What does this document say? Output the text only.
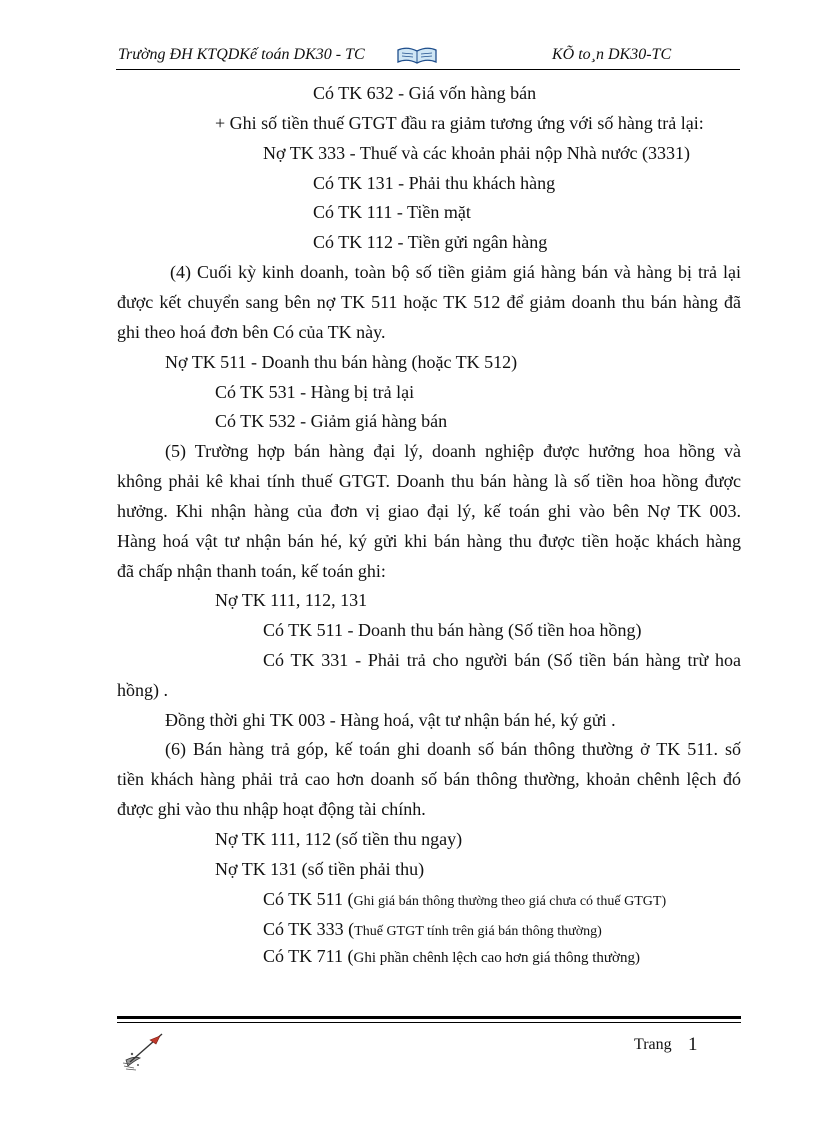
Trường ĐH KTQDKế toán DK30 - TC	KÕ to¸n DK30-TC
Có TK 632 - Giá vốn hàng bán
+ Ghi số tiền thuế GTGT đầu ra giảm tương ứng với số hàng trả lại:
Nợ TK 333 - Thuế và các khoản phải nộp Nhà nước (3331)
Có TK 131 - Phải thu khách hàng
Có TK 111 - Tiền mặt
Có TK 112 - Tiền gửi ngân hàng
(4) Cuối kỳ kinh doanh, toàn bộ số tiền giảm giá hàng bán và hàng bị trả lại
được kết chuyển sang bên nợ TK 511 hoặc TK 512 để giảm doanh thu bán hàng đã
ghi theo hoá đơn bên Có của TK này.
Nợ TK 511 - Doanh thu bán hàng (hoặc TK 512)
Có TK 531 - Hàng bị trả lại
Có TK 532 - Giảm giá hàng bán
(5) Trường hợp bán hàng đại lý, doanh nghiệp được hưởng hoa hồng và
không phải kê khai tính thuế GTGT. Doanh thu bán hàng là số tiền hoa hồng được
hưởng. Khi nhận hàng của đơn vị giao đại lý, kế toán ghi vào bên Nợ TK 003.
Hàng hoá vật tư nhận bán hé, ký gửi khi bán hàng thu được tiền hoặc khách hàng
đã chấp nhận thanh toán, kế toán ghi:
Nợ TK 111, 112, 131
Có TK 511 - Doanh thu bán hàng (Số tiền hoa hồng)
Có TK 331 - Phải trả cho người bán (Số tiền bán hàng trừ hoa
hồng) .
Đồng thời ghi TK 003 - Hàng hoá, vật tư nhận bán hé, ký gửi .
(6) Bán hàng trả góp, kế toán ghi doanh số bán thông thường ở TK 511. số
tiền khách hàng phải trả cao hơn doanh số bán thông thường, khoản chênh lệch đó
được ghi vào thu nhập hoạt động tài chính.
Nợ TK 111, 112 (số tiền thu ngay)
Nợ TK 131 (số tiền phải thu)
Có TK 511 (Ghi giá bán thông thường theo giá chưa có thuế GTGT)
Có TK 333 (Thuế GTGT tính trên giá bán thông thường)
Có TK 711 (Ghi phần chênh lệch cao hơn giá thông thường)
Trang 1
